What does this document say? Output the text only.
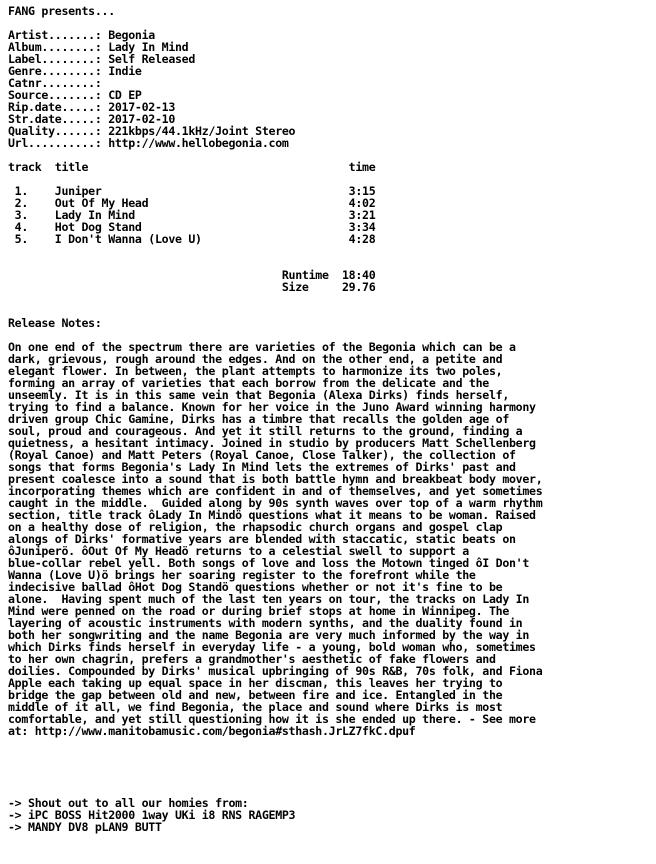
FANG presents...
Artist.......: Begonia
Album........: Lady In Mind
Label........: Self Released
Genre........: Indie
Catnr........:
Source.......: CD EP
Rip.date.....: 2017-02-13
Str.date.....: 2017-02-10
Quality......: 221kbps/44.1kHz/Joint Stereo
Url..........: http://www.hellobegonia.com
track  title                                       time
1.    Juniper                                     3:15
2.    Out Of My Head                              4:02
3.    Lady In Mind                                3:21
4.    Hot Dog Stand                               3:34
5.    I Don't Wanna (Love U)                      4:28
Runtime  18:40
Size     29.76
Release Notes:
On one end of the spectrum there are varieties of the Begonia which can be a
dark, grievous, rough around the edges. And on the other end, a petite and
elegant flower. In between, the plant attempts to harmonize its two poles,
forming an array of varieties that each borrow from the delicate and the
unseemly. It is in this same vein that Begonia (Alexa Dirks) finds herself,
trying to find a balance. Known for her voice in the Juno Award winning harmony
driven group Chic Gamine, Dirks has a timbre that recalls the golden age of
soul, proud and courageous. And yet it still returns to the ground, finding a
quietness, a hesitant intimacy. Joined in studio by producers Matt Schellenberg
(Royal Canoe) and Matt Peters (Royal Canoe, Close Talker), the collection of
songs that forms Begonia's Lady In Mind lets the extremes of Dirks' past and
present coalesce into a sound that is both battle hymn and breakbeat body mover,
incorporating themes which are confident in and of themselves, and yet sometimes
caught in the middle.  Guided along by 90s synth waves over top of a warm rhythm
section, title track ôLady In Mindö questions what it means to be woman. Raised
on a healthy dose of religion, the rhapsodic church organs and gospel clap
alongs of Dirks' formative years are blended with staccatic, static beats on
ôJuniperö. ôOut Of My Headö returns to a celestial swell to support a
blue-collar rebel yell. Both songs of love and loss the Motown tinged ôI Don't
Wanna (Love U)ö brings her soaring register to the forefront while the
indecisive ballad ôHot Dog Standö questions whether or not it's fine to be
alone.  Having spent much of the last ten years on tour, the tracks on Lady In
Mind were penned on the road or during brief stops at home in Winnipeg. The
layering of acoustic instruments with modern synths, and the duality found in
both her songwriting and the name Begonia are very much informed by the way in
which Dirks finds herself in everyday life - a young, bold woman who, sometimes
to her own chagrin, prefers a grandmother's aesthetic of fake flowers and
doilies. Compounded by Dirks' musical upbringing of 90s R&B, 70s folk, and Fiona
Apple each taking up equal space in her discman, this leaves her trying to
bridge the gap between old and new, between fire and ice. Entangled in the
middle of it all, we find Begonia, the place and sound where Dirks is most
comfortable, and yet still questioning how it is she ended up there. - See more
at: http://www.manitobamusic.com/begonia#sthash.JrLZ7fkC.dpuf
-> Shout out to all our homies from:
-> iPC BOSS Hit2000 1way UKi i8 RNS RAGEMP3
-> MANDY DV8 pLAN9 BUTT
